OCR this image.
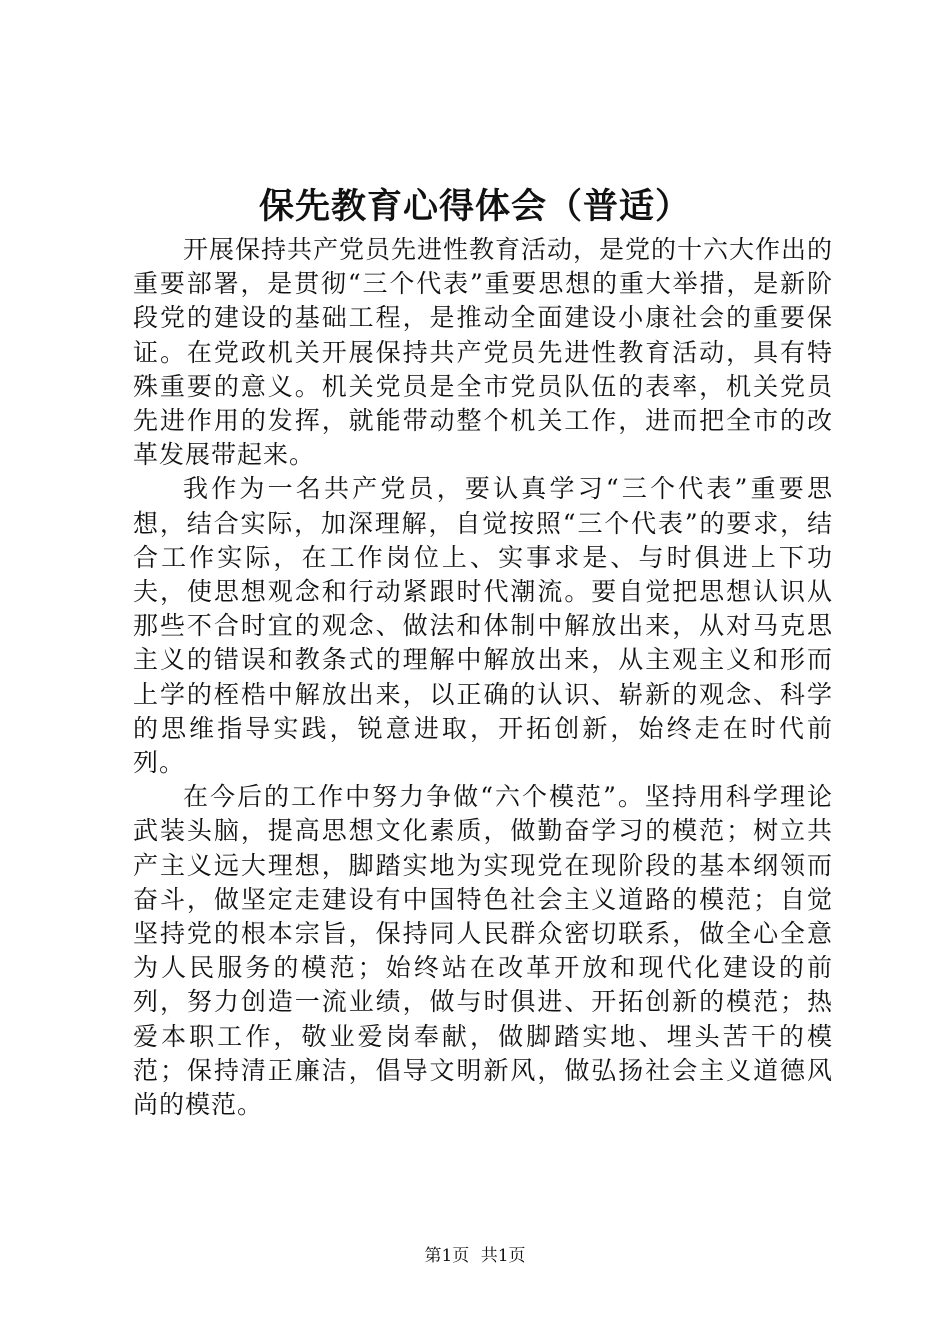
保先教育心得体会（普适）

开展保持共产党员先进性教育活动，是党的十六大作出的重要部署，是贯彻“三个代表”重要思想的重大举措，是新阶段党的建设的基础工程，是推动全面建设小康社会的重要保证。在党政机关开展保持共产党员先进性教育活动，具有特殊重要的意义。机关党员是全市党员队伍的表率，机关党员先进作用的发挥，就能带动整个机关工作，进而把全市的改革发展带起来。

我作为一名共产党员，要认真学习“三个代表”重要思想，结合实际，加深理解，自觉按照“三个代表”的要求，结合工作实际，在工作岗位上、实事求是、与时俱进上下功夫，使思想观念和行动紧跟时代潮流。要自觉把思想认识从那些不合时宜的观念、做法和体制中解放出来，从对马克思主义的错误和教条式的理解中解放出来，从主观主义和形而上学的桎梏中解放出来，以正确的认识、崭新的观念、科学的思维指导实践，锐意进取，开拓创新，始终走在时代前列。

在今后的工作中努力争做“六个模范”。坚持用科学理论武装头脑，提高思想文化素质，做勤奋学习的模范；树立共产主义远大理想，脚踏实地为实现党在现阶段的基本纲领而奋斗，做坚定走建设有中国特色社会主义道路的模范；自觉坚持党的根本宗旨，保持同人民群众密切联系，做全心全意为人民服务的模范；始终站在改革开放和现代化建设的前列，努力创造一流业绩，做与时俱进、开拓创新的模范；热爱本职工作，敬业爱岗奉献，做脚踏实地、埋头苦干的模范；保持清正廉洁，倡导文明新风，做弘扬社会主义道德风尚的模范。

第1页 共1页
